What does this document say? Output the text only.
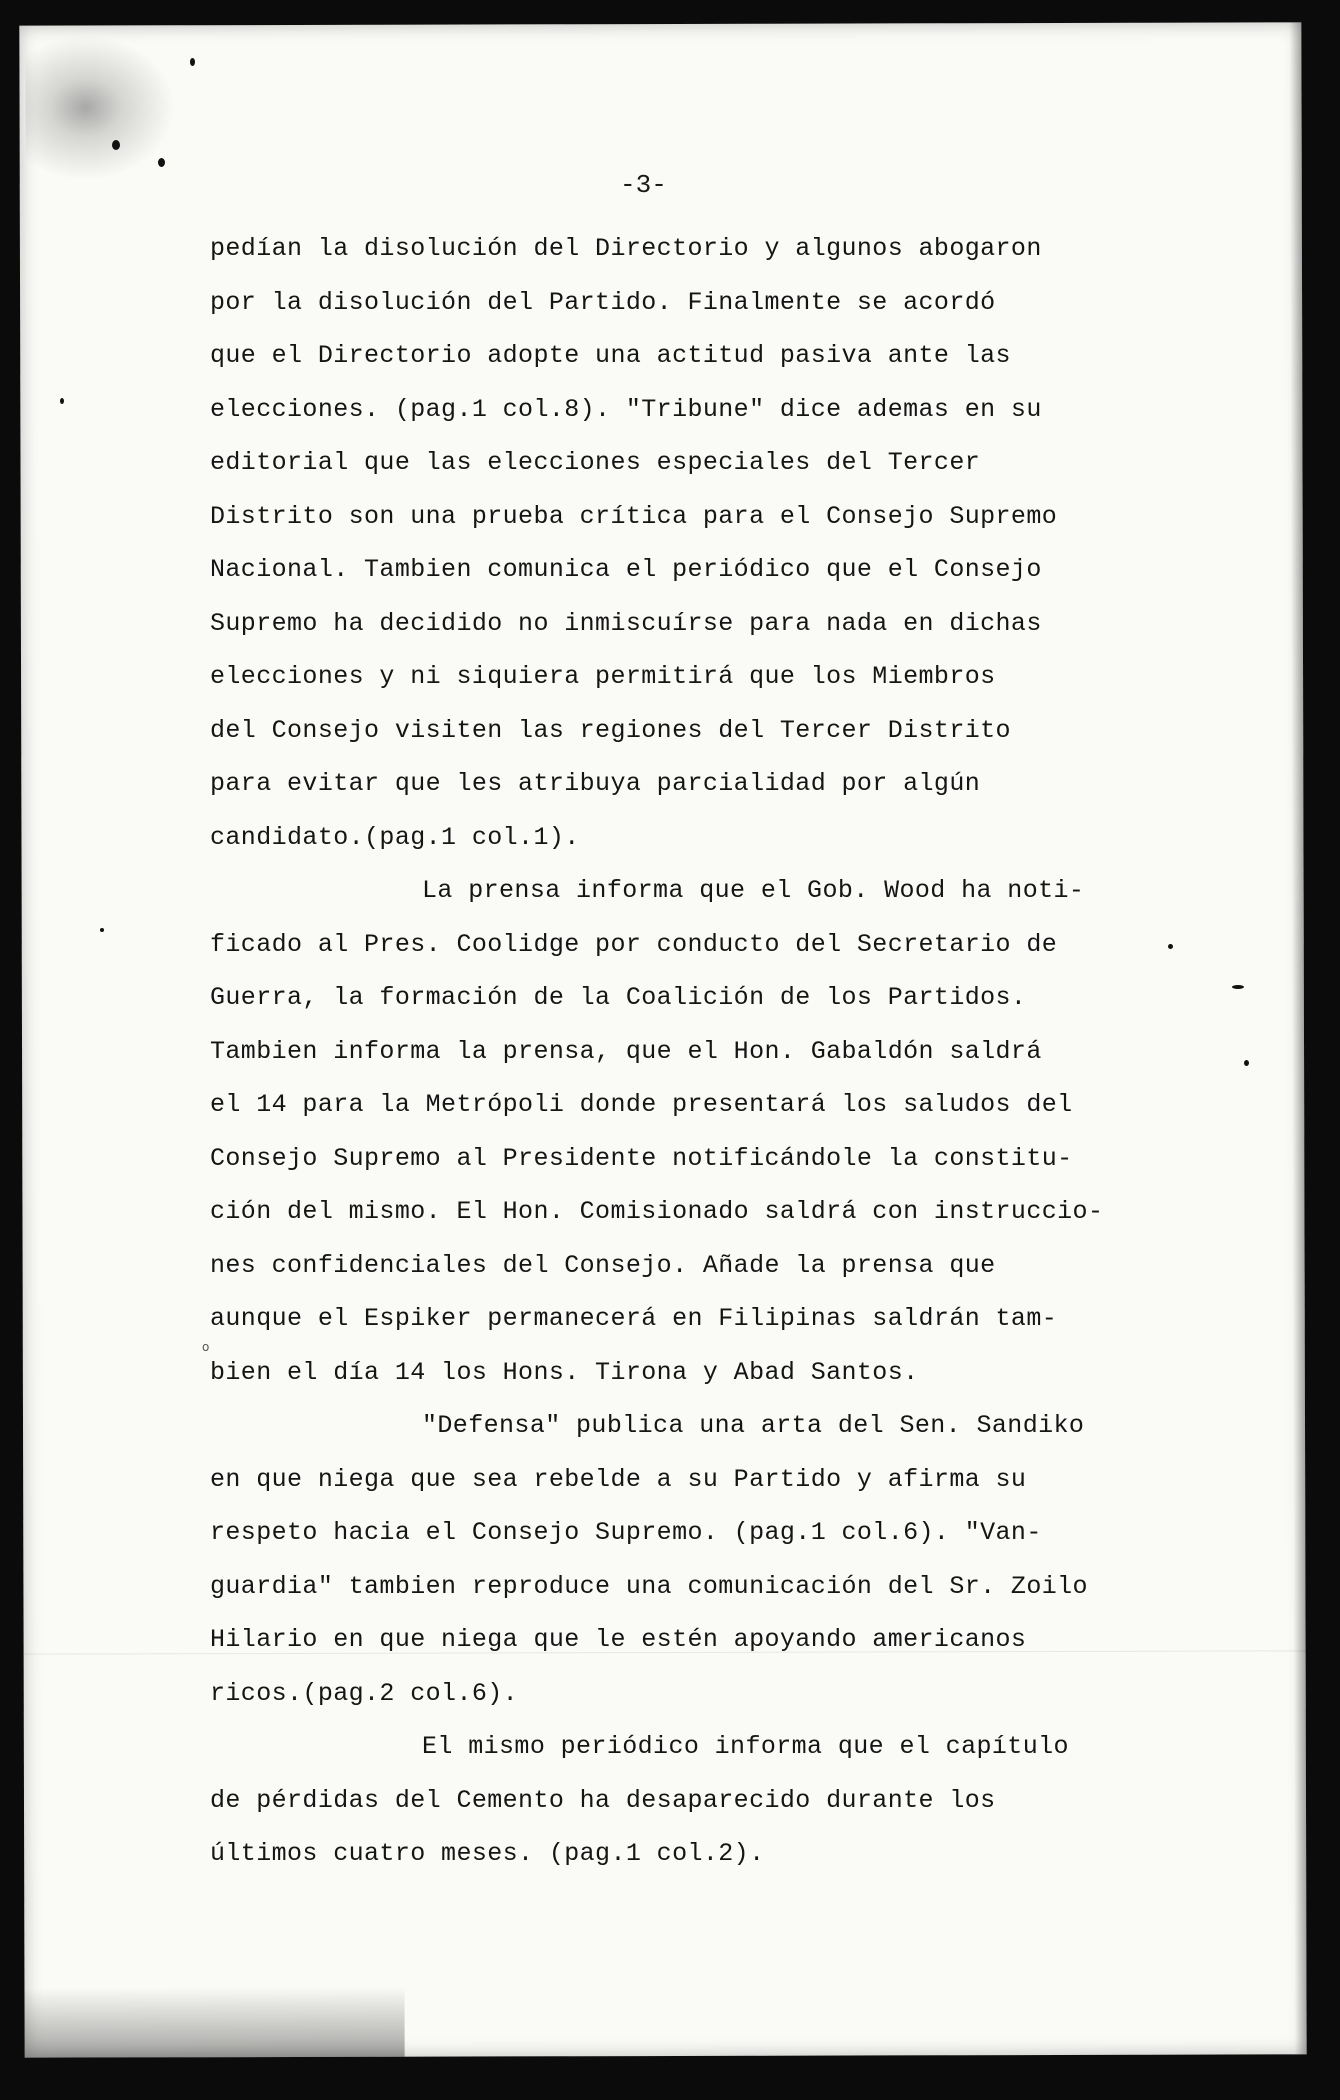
-3-
pedían la disolución del Directorio y algunos abogaron
por la disolución del Partido. Finalmente se acordó
que el Directorio adopte una actitud pasiva ante las
elecciones. (pag.1 col.8). "Tribune" dice ademas en su
editorial que las elecciones especiales del Tercer
Distrito son una prueba crítica para el Consejo Supremo
Nacional. Tambien comunica el periódico que el Consejo
Supremo ha decidido no inmiscuírse para nada en dichas
elecciones y ni siquiera permitirá que los Miembros
del Consejo visiten las regiones del Tercer Distrito
para evitar que les atribuya parcialidad por algún
candidato.(pag.1 col.1).
La prensa informa que el Gob. Wood ha noti-
ficado al Pres. Coolidge por conducto del Secretario de
Guerra, la formación de la Coalición de los Partidos.
Tambien informa la prensa, que el Hon. Gabaldón saldrá
el 14 para la Metrópoli donde presentará los saludos del
Consejo Supremo al Presidente notificándole la constitu-
ción del mismo. El Hon. Comisionado saldrá con instruccio-
nes confidenciales del Consejo. Añade la prensa que
aunque el Espiker permanecerá en Filipinas saldrán tam-
bien el día 14 los Hons. Tirona y Abad Santos.
"Defensa" publica una arta del Sen. Sandiko
en que niega que sea rebelde a su Partido y afirma su
respeto hacia el Consejo Supremo. (pag.1 col.6). "Van-
guardia" tambien reproduce una comunicación del Sr. Zoilo
Hilario en que niega que le estén apoyando americanos
ricos.(pag.2 col.6).
El mismo periódico informa que el capítulo
de pérdidas del Cemento ha desaparecido durante los
últimos cuatro meses. (pag.1 col.2).
o
